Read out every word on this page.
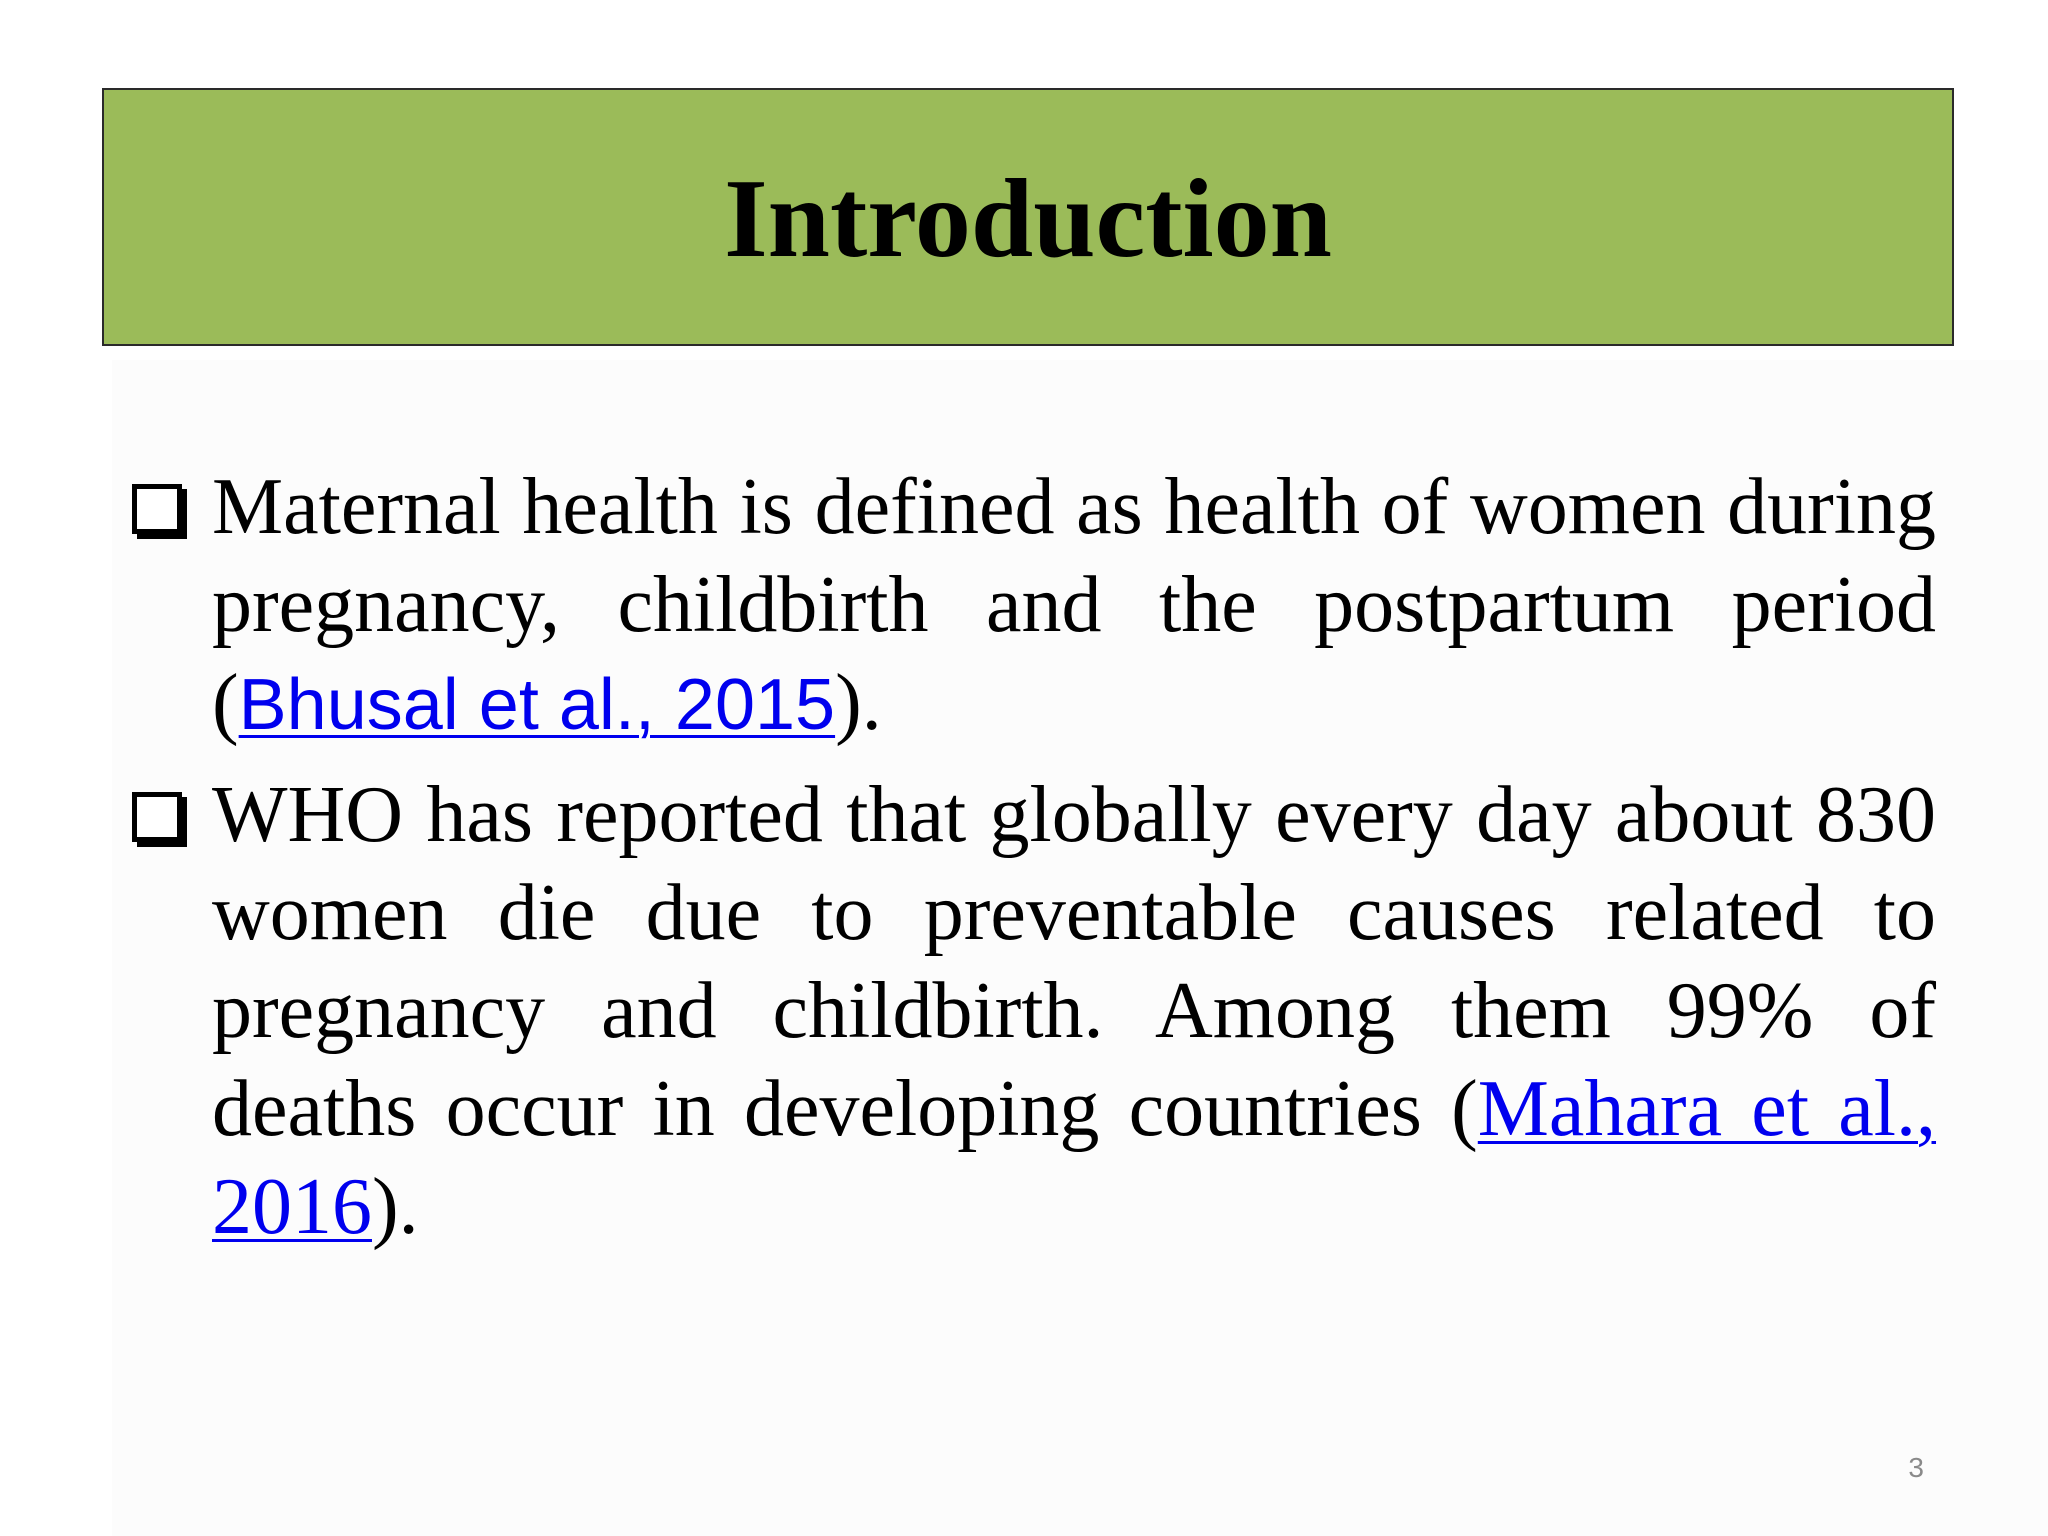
Introduction
Maternal health is defined as health of women during pregnancy, childbirth and the postpartum period (Bhusal et al., 2015).
WHO has reported that globally every day about 830 women die due to preventable causes related to pregnancy and childbirth. Among them 99% of deaths occur in developing countries (Mahara et al., 2016).
3
